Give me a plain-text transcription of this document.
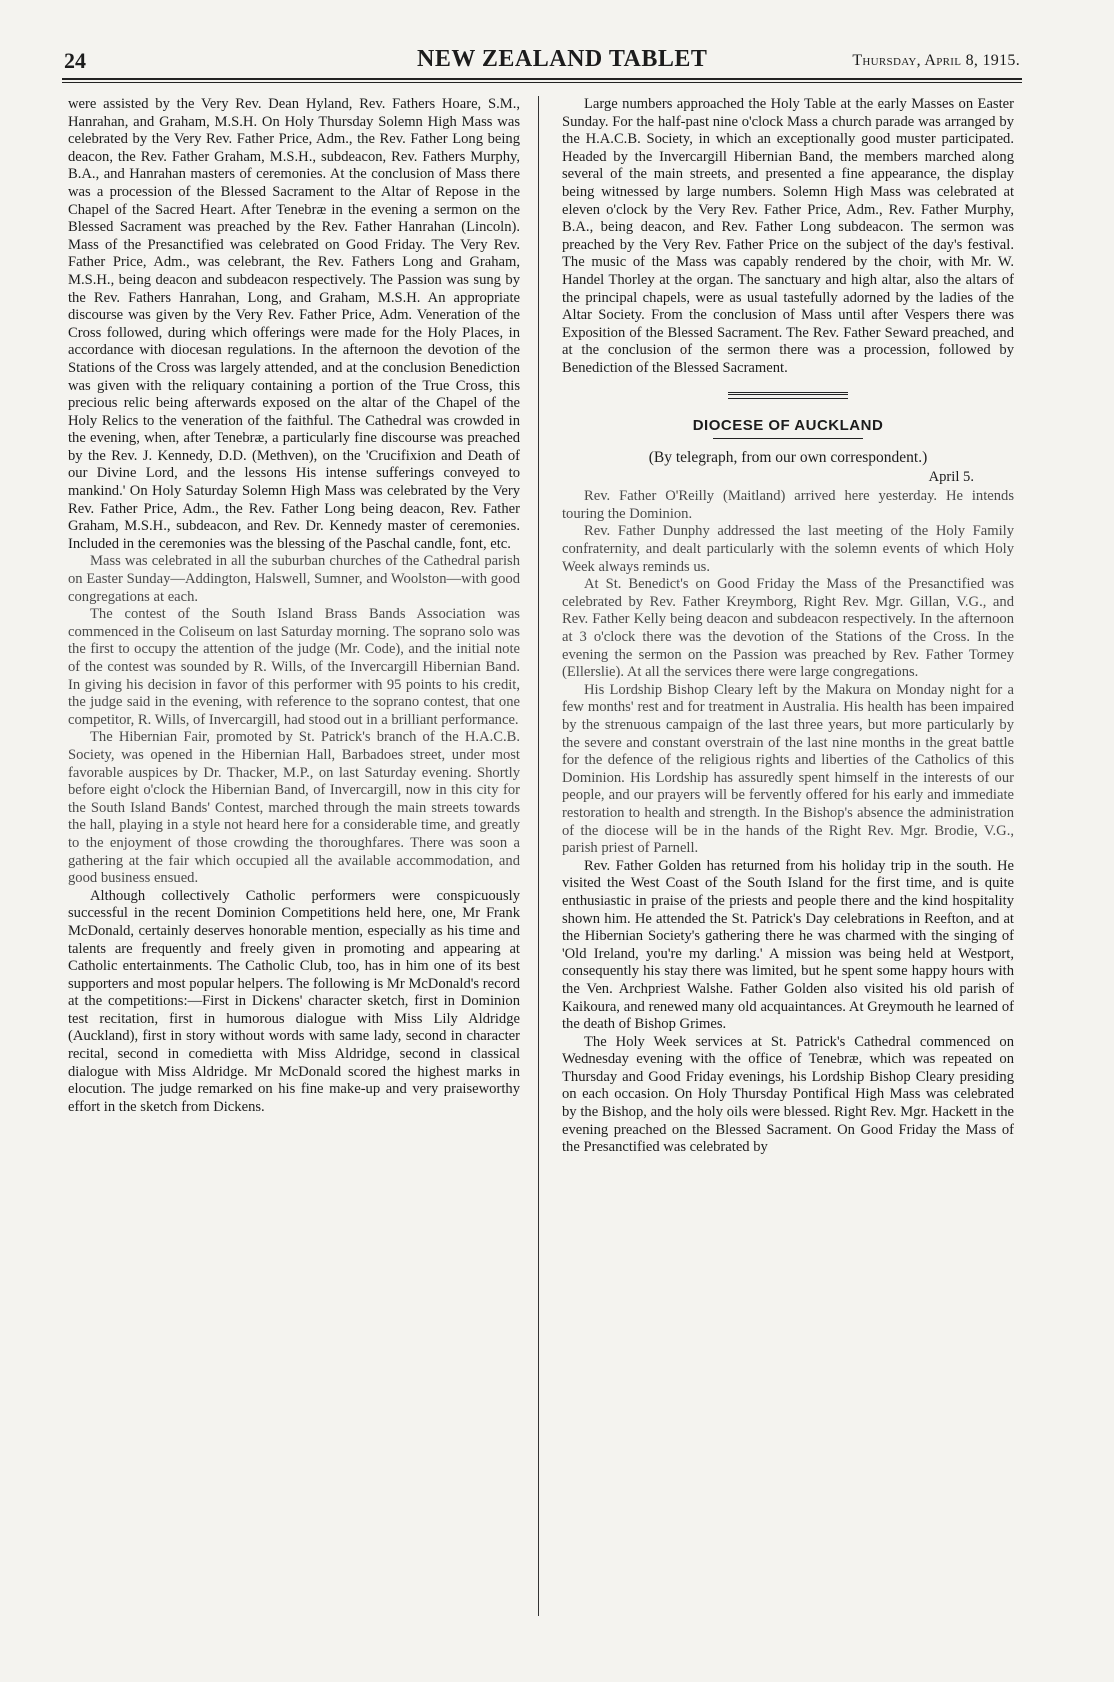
24	NEW ZEALAND TABLET	Thursday, April 8, 1915.

were assisted by the Very Rev. Dean Hyland, Rev. Fathers Hoare, S.M., Hanrahan, and Graham, M.S.H. On Holy Thursday Solemn High Mass was celebrated by the Very Rev. Father Price, Adm., the Rev. Father Long being deacon, the Rev. Father Graham, M.S.H., subdeacon, Rev. Fathers Murphy, B.A., and Hanrahan masters of ceremonies. At the conclusion of Mass there was a procession of the Blessed Sacrament to the Altar of Repose in the Chapel of the Sacred Heart. After Tenebræ in the evening a sermon on the Blessed Sacrament was preached by the Rev. Father Hanrahan (Lincoln). Mass of the Presanctified was celebrated on Good Friday. The Very Rev. Father Price, Adm., was celebrant, the Rev. Fathers Long and Graham, M.S.H., being deacon and subdeacon respectively. The Passion was sung by the Rev. Fathers Hanrahan, Long, and Graham, M.S.H. An appropriate discourse was given by the Very Rev. Father Price, Adm. Veneration of the Cross followed, during which offerings were made for the Holy Places, in accordance with diocesan regulations. In the afternoon the devotion of the Stations of the Cross was largely attended, and at the conclusion Benediction was given with the reliquary containing a portion of the True Cross, this precious relic being afterwards exposed on the altar of the Chapel of the Holy Relics to the veneration of the faithful. The Cathedral was crowded in the evening, when, after Tenebræ, a particularly fine discourse was preached by the Rev. J. Kennedy, D.D. (Methven), on the 'Crucifixion and Death of our Divine Lord, and the lessons His intense sufferings conveyed to mankind.' On Holy Saturday Solemn High Mass was celebrated by the Very Rev. Father Price, Adm., the Rev. Father Long being deacon, Rev. Father Graham, M.S.H., subdeacon, and Rev. Dr. Kennedy master of ceremonies. Included in the ceremonies was the blessing of the Paschal candle, font, etc.

Mass was celebrated in all the suburban churches of the Cathedral parish on Easter Sunday—Addington, Halswell, Sumner, and Woolston—with good congregations at each.

The contest of the South Island Brass Bands Association was commenced in the Coliseum on last Saturday morning. The soprano solo was the first to occupy the attention of the judge (Mr. Code), and the initial note of the contest was sounded by R. Wills, of the Invercargill Hibernian Band. In giving his decision in favor of this performer with 95 points to his credit, the judge said in the evening, with reference to the soprano contest, that one competitor, R. Wills, of Invercargill, had stood out in a brilliant performance.

The Hibernian Fair, promoted by St. Patrick's branch of the H.A.C.B. Society, was opened in the Hibernian Hall, Barbadoes street, under most favorable auspices by Dr. Thacker, M.P., on last Saturday evening. Shortly before eight o'clock the Hibernian Band, of Invercargill, now in this city for the South Island Bands' Contest, marched through the main streets towards the hall, playing in a style not heard here for a considerable time, and greatly to the enjoyment of those crowding the thoroughfares. There was soon a gathering at the fair which occupied all the available accommodation, and good business ensued.

Although collectively Catholic performers were conspicuously successful in the recent Dominion Competitions held here, one, Mr Frank McDonald, certainly deserves honorable mention, especially as his time and talents are frequently and freely given in promoting and appearing at Catholic entertainments. The Catholic Club, too, has in him one of its best supporters and most popular helpers. The following is Mr McDonald's record at the competitions:—First in Dickens' character sketch, first in Dominion test recitation, first in humorous dialogue with Miss Lily Aldridge (Auckland), first in story without words with same lady, second in character recital, second in comedietta with Miss Aldridge, second in classical dialogue with Miss Aldridge. Mr McDonald scored the highest marks in elocution. The judge remarked on his fine make-up and very praiseworthy effort in the sketch from Dickens.

Large numbers approached the Holy Table at the early Masses on Easter Sunday. For the half-past nine o'clock Mass a church parade was arranged by the H.A.C.B. Society, in which an exceptionally good muster participated. Headed by the Invercargill Hibernian Band, the members marched along several of the main streets, and presented a fine appearance, the display being witnessed by large numbers. Solemn High Mass was celebrated at eleven o'clock by the Very Rev. Father Price, Adm., Rev. Father Murphy, B.A., being deacon, and Rev. Father Long subdeacon. The sermon was preached by the Very Rev. Father Price on the subject of the day's festival. The music of the Mass was capably rendered by the choir, with Mr. W. Handel Thorley at the organ. The sanctuary and high altar, also the altars of the principal chapels, were as usual tastefully adorned by the ladies of the Altar Society. From the conclusion of Mass until after Vespers there was Exposition of the Blessed Sacrament. The Rev. Father Seward preached, and at the conclusion of the sermon there was a procession, followed by Benediction of the Blessed Sacrament.

DIOCESE OF AUCKLAND
(By telegraph, from our own correspondent.)
April 5.

Rev. Father O'Reilly (Maitland) arrived here yesterday. He intends touring the Dominion.

Rev. Father Dunphy addressed the last meeting of the Holy Family confraternity, and dealt particularly with the solemn events of which Holy Week always reminds us.

At St. Benedict's on Good Friday the Mass of the Presanctified was celebrated by Rev. Father Kreymborg, Right Rev. Mgr. Gillan, V.G., and Rev. Father Kelly being deacon and subdeacon respectively. In the afternoon at 3 o'clock there was the devotion of the Stations of the Cross. In the evening the sermon on the Passion was preached by Rev. Father Tormey (Ellerslie). At all the services there were large congregations.

His Lordship Bishop Cleary left by the Makura on Monday night for a few months' rest and for treatment in Australia. His health has been impaired by the strenuous campaign of the last three years, but more particularly by the severe and constant overstrain of the last nine months in the great battle for the defence of the religious rights and liberties of the Catholics of this Dominion. His Lordship has assuredly spent himself in the interests of our people, and our prayers will be fervently offered for his early and immediate restoration to health and strength. In the Bishop's absence the administration of the diocese will be in the hands of the Right Rev. Mgr. Brodie, V.G., parish priest of Parnell.

Rev. Father Golden has returned from his holiday trip in the south. He visited the West Coast of the South Island for the first time, and is quite enthusiastic in praise of the priests and people there and the kind hospitality shown him. He attended the St. Patrick's Day celebrations in Reefton, and at the Hibernian Society's gathering there he was charmed with the singing of 'Old Ireland, you're my darling.' A mission was being held at Westport, consequently his stay there was limited, but he spent some happy hours with the Ven. Archpriest Walshe. Father Golden also visited his old parish of Kaikoura, and renewed many old acquaintances. At Greymouth he learned of the death of Bishop Grimes.

The Holy Week services at St. Patrick's Cathedral commenced on Wednesday evening with the office of Tenebræ, which was repeated on Thursday and Good Friday evenings, his Lordship Bishop Cleary presiding on each occasion. On Holy Thursday Pontifical High Mass was celebrated by the Bishop, and the holy oils were blessed. Right Rev. Mgr. Hackett in the evening preached on the Blessed Sacrament. On Good Friday the Mass of the Presanctified was celebrated by
